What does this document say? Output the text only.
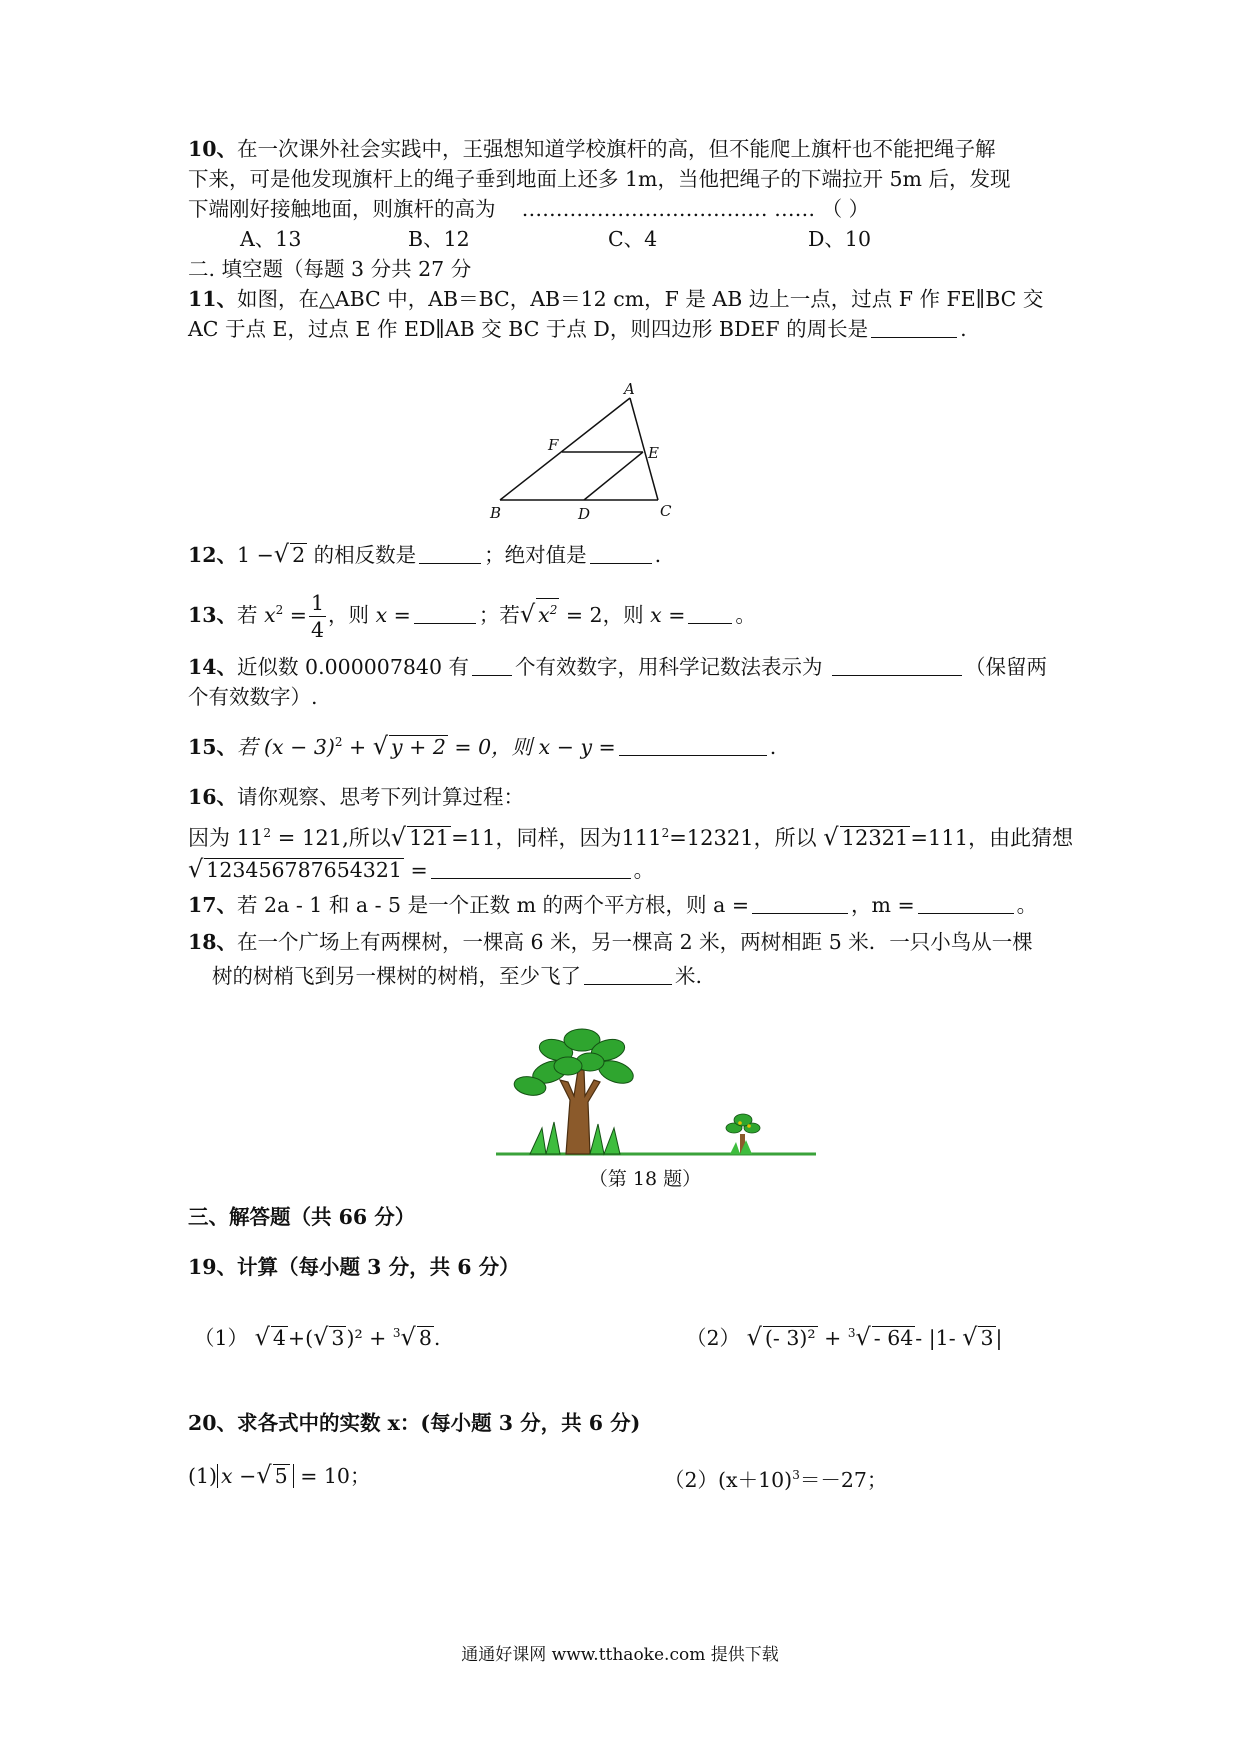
10、在一次课外社会实践中，王强想知道学校旗杆的高，但不能爬上旗杆也不能把绳子解
下来，可是他发现旗杆上的绳子垂到地面上还多 1m，当他把绳子的下端拉开 5m 后，发现
下端刚好接触地面，则旗杆的高为 ……………………………… …… （ ）
A、13	B、12	C、4	D、10
二. 填空题（每题 3 分共 27 分
11、如图，在△ABC 中，AB＝BC，AB＝12 cm，F 是 AB 边上一点，过点 F 作 FE∥BC 交
AC 于点 E，过点 E 作 ED∥AB 交 BC 于点 D，则四边形 BDEF 的周长是	.
A
F	E
B	D	C
12、1 −√ 2 的相反数是	；绝对值是	.
13、若 $x^2 = \frac{1}{4}$ ，则 x =	；若√ $x^2 = 2$，则 x = 。
14、近似数 0.000007840 有 个有效数字，用科学记数法表示为	（保留两
个有效数字）.
15、若 $(x - 3)^2$ + √ y + 2 = 0，则 x − y =	.
16、请你观察、思考下列计算过程：
因为 $11^2 = 121$,所以√ 121=11，同样，因为$111^2=12321$，所以 √ 12321=111，由此猜想
√ 123456787654321 =	。
17、若 2a - 1 和 a - 5 是一个正数 m 的两个平方根，则 a =	，m =	。
18、在一个广场上有两棵树，一棵高 6 米，另一棵高 2 米，两树相距 5 米．一只小鸟从一棵
树的树梢飞到另一棵树的树梢，至少飞了	米.
（第 18 题）
三、解答题（共 66 分）
19、计算（每小题 3 分，共 6 分）
（1） √ 4+(√ 3)² + $^3$√ 8.	（2） √ (- 3)² + $^3$√ - 64- |1- √ 3|
20、求各式中的实数 x：(每小题 3 分，共 6 分)
(1) x −√ 5 = 10；	$(2)(x+10)^3=-27$；
通通好课网 www.tthaoke.com 提供下载
